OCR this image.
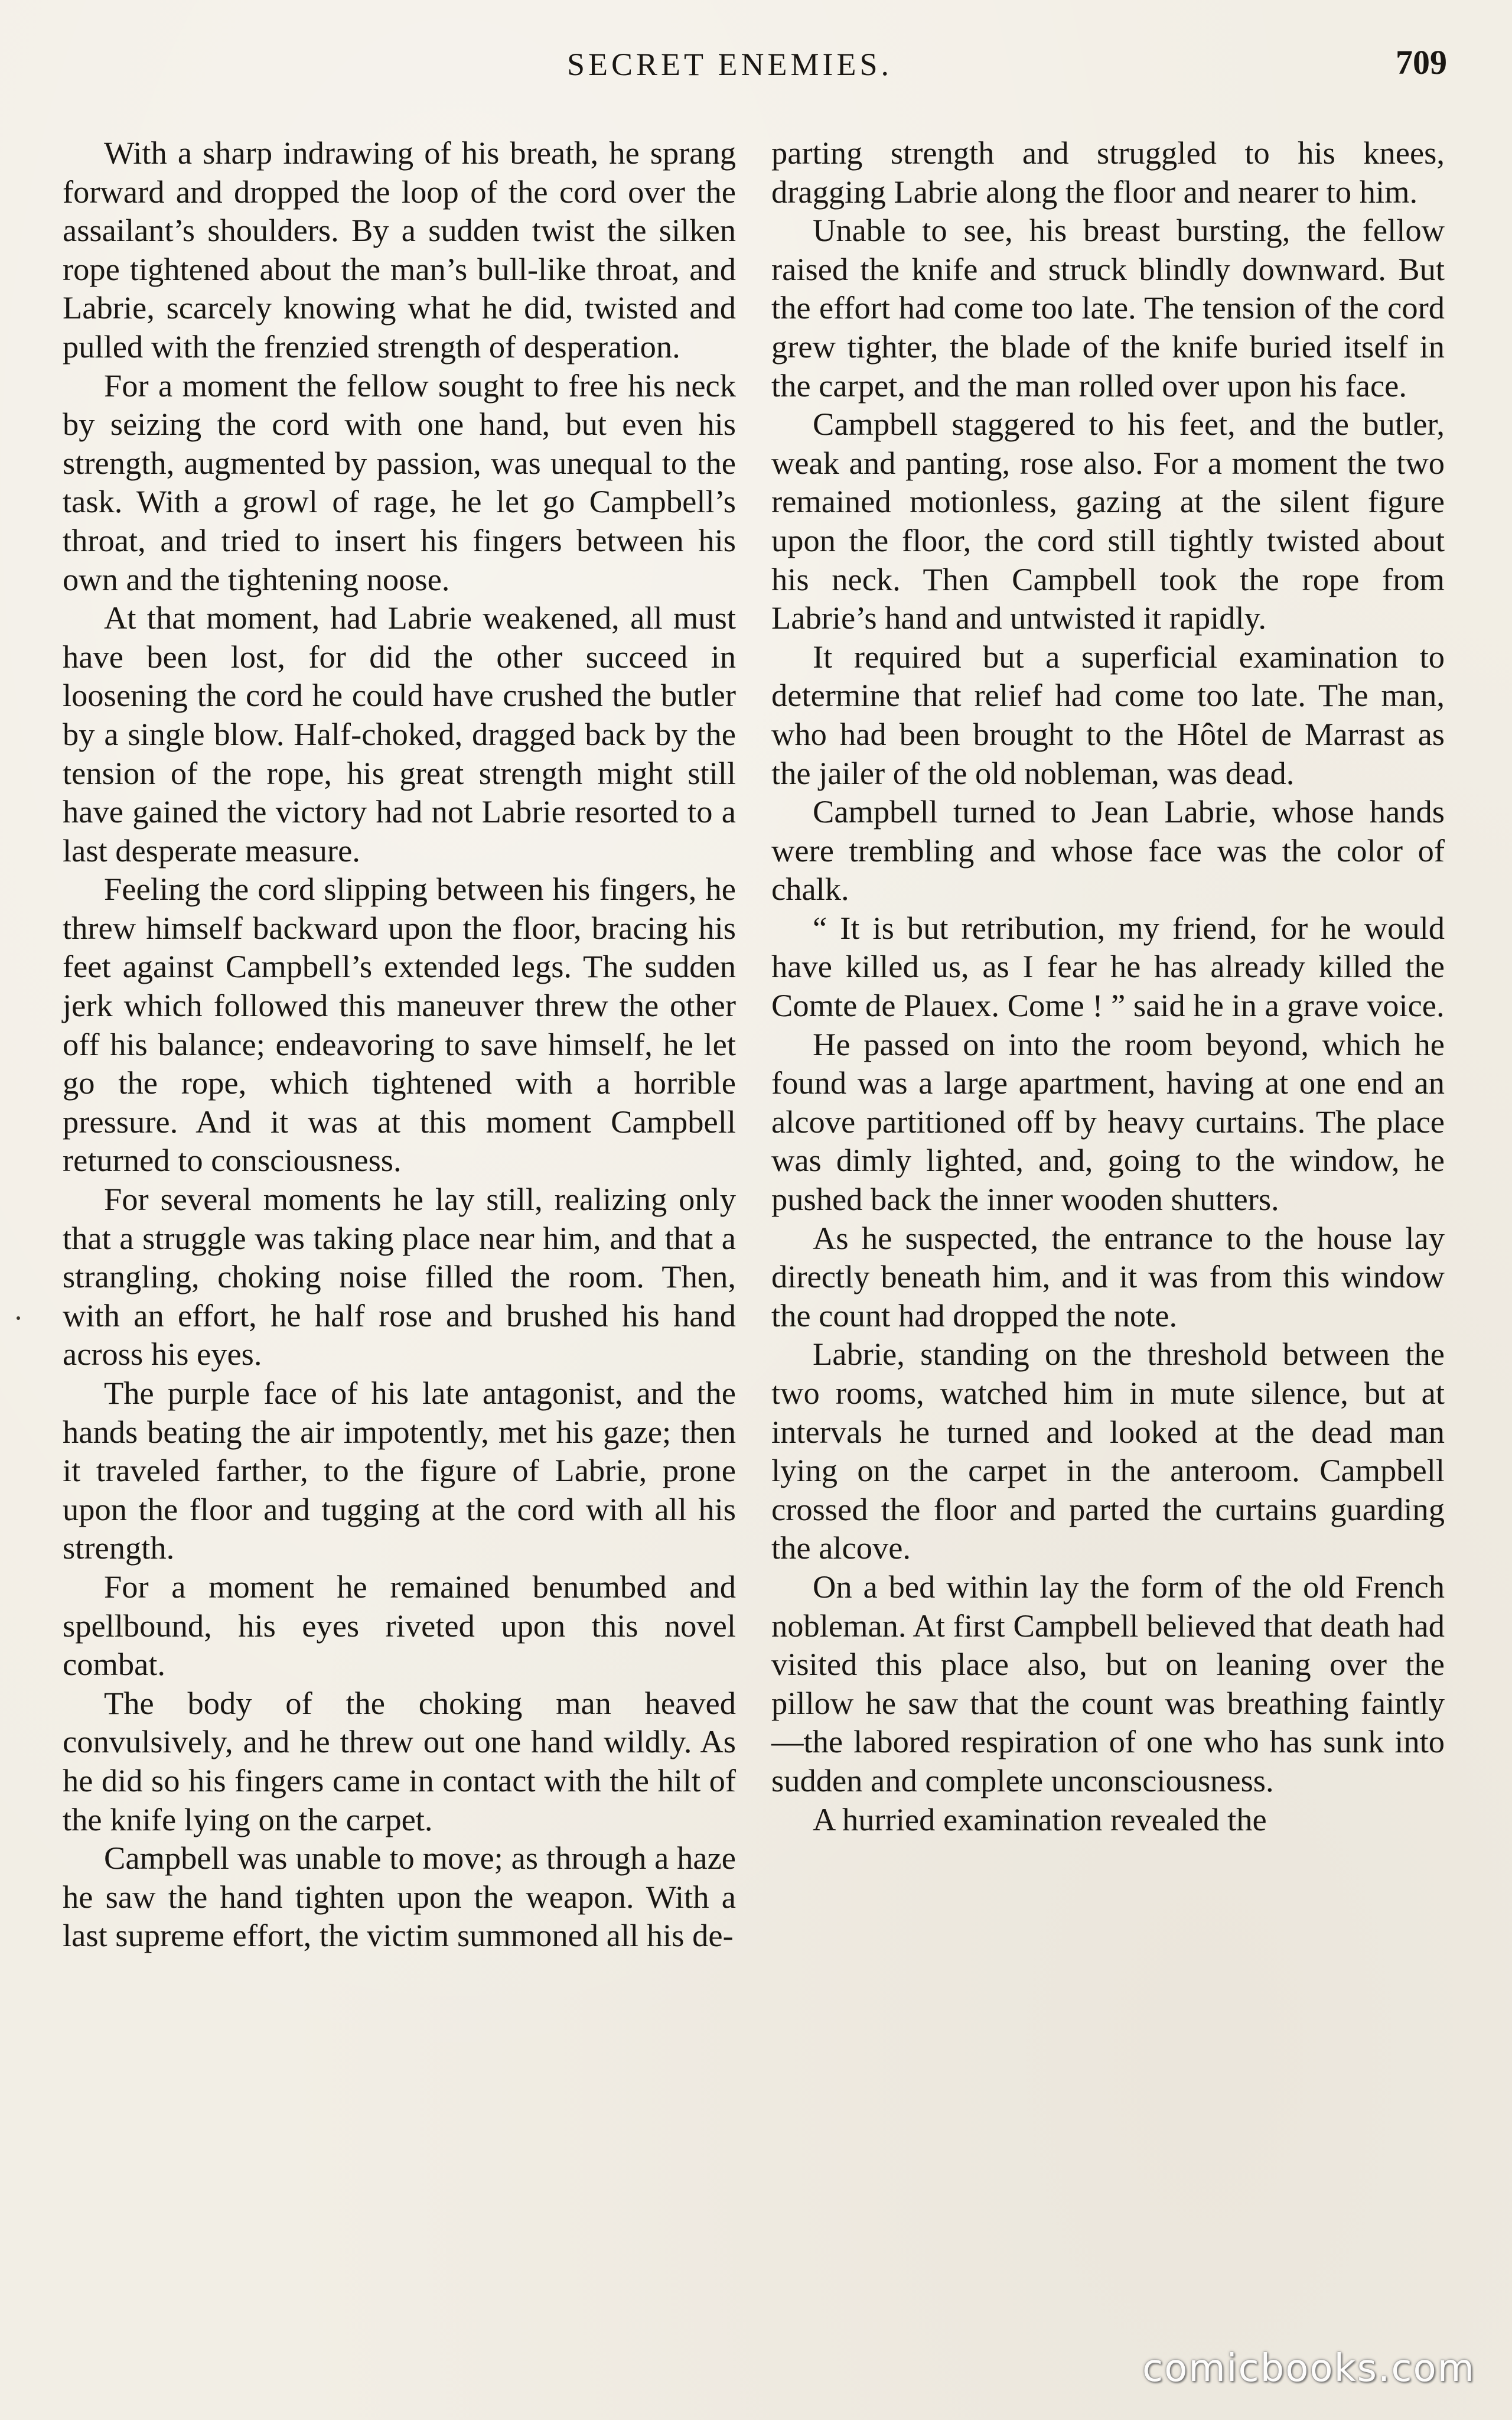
SECRET ENEMIES.	709

With a sharp indrawing of his breath, he sprang forward and dropped the loop of the cord over the assailant’s shoulders. By a sudden twist the silken rope tightened about the man’s bull-like throat, and Labrie, scarcely knowing what he did, twisted and pulled with the frenzied strength of desperation.

For a moment the fellow sought to free his neck by seizing the cord with one hand, but even his strength, augmented by passion, was unequal to the task. With a growl of rage, he let go Campbell’s throat, and tried to insert his fingers between his own and the tightening noose.

At that moment, had Labrie weakened, all must have been lost, for did the other succeed in loosening the cord he could have crushed the butler by a single blow. Half-choked, dragged back by the tension of the rope, his great strength might still have gained the victory had not Labrie resorted to a last desperate measure.

Feeling the cord slipping between his fingers, he threw himself backward upon the floor, bracing his feet against Campbell’s extended legs. The sudden jerk which followed this maneuver threw the other off his balance; endeavoring to save himself, he let go the rope, which tightened with a horrible pressure. And it was at this moment Campbell returned to consciousness.

For several moments he lay still, realizing only that a struggle was taking place near him, and that a strangling, choking noise filled the room. Then, with an effort, he half rose and brushed his hand across his eyes.

The purple face of his late antagonist, and the hands beating the air impotently, met his gaze; then it traveled farther, to the figure of Labrie, prone upon the floor and tugging at the cord with all his strength.

For a moment he remained benumbed and spellbound, his eyes riveted upon this novel combat.

The body of the choking man heaved convulsively, and he threw out one hand wildly. As he did so his fingers came in contact with the hilt of the knife lying on the carpet.

Campbell was unable to move; as through a haze he saw the hand tighten upon the weapon. With a last supreme effort, the victim summoned all his de-

parting strength and struggled to his knees, dragging Labrie along the floor and nearer to him.

Unable to see, his breast bursting, the fellow raised the knife and struck blindly downward. But the effort had come too late. The tension of the cord grew tighter, the blade of the knife buried itself in the carpet, and the man rolled over upon his face.

Campbell staggered to his feet, and the butler, weak and panting, rose also. For a moment the two remained motionless, gazing at the silent figure upon the floor, the cord still tightly twisted about his neck. Then Campbell took the rope from Labrie’s hand and untwisted it rapidly.

It required but a superficial examination to determine that relief had come too late. The man, who had been brought to the Hôtel de Marrast as the jailer of the old nobleman, was dead.

Campbell turned to Jean Labrie, whose hands were trembling and whose face was the color of chalk.

“ It is but retribution, my friend, for he would have killed us, as I fear he has already killed the Comte de Plauex. Come ! ” said he in a grave voice.

He passed on into the room beyond, which he found was a large apartment, having at one end an alcove partitioned off by heavy curtains. The place was dimly lighted, and, going to the window, he pushed back the inner wooden shutters.

As he suspected, the entrance to the house lay directly beneath him, and it was from this window the count had dropped the note.

Labrie, standing on the threshold between the two rooms, watched him in mute silence, but at intervals he turned and looked at the dead man lying on the carpet in the anteroom. Campbell crossed the floor and parted the curtains guarding the alcove.

On a bed within lay the form of the old French nobleman. At first Campbell believed that death had visited this place also, but on leaning over the pillow he saw that the count was breathing faintly —the labored respiration of one who has sunk into sudden and complete unconsciousness.

A hurried examination revealed the

comicbooks.com
